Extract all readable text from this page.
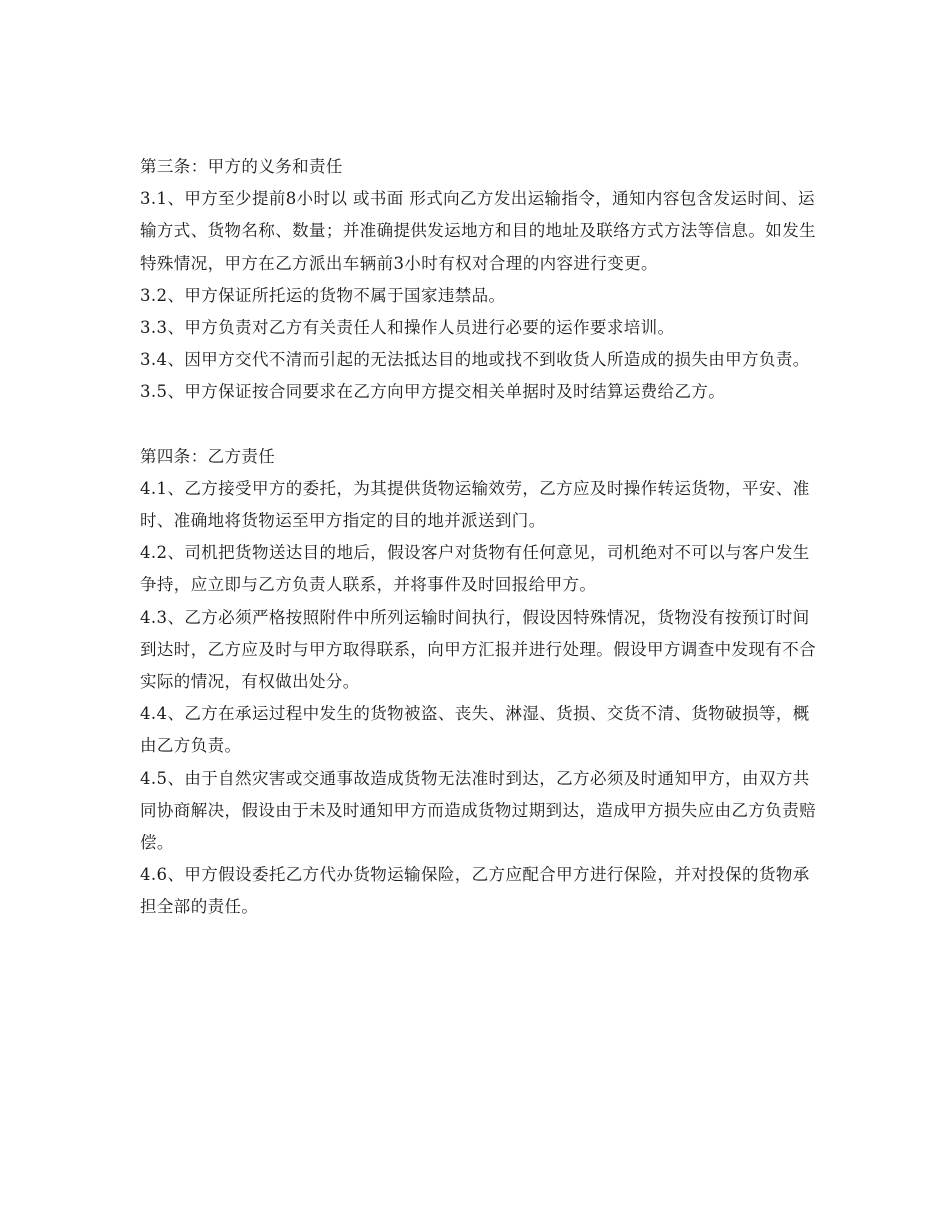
第三条：甲方的义务和责任

3.1、甲方至少提前8小时以 或书面 形式向乙方发出运输指令，通知内容包含发运时间、运输方式、货物名称、数量；并准确提供发运地方和目的地址及联络方式方法等信息。如发生特殊情况，甲方在乙方派出车辆前3小时有权对合理的内容进行变更。

3.2、甲方保证所托运的货物不属于国家违禁品。

3.3、甲方负责对乙方有关责任人和操作人员进行必要的运作要求培训。

3.4、因甲方交代不清而引起的无法抵达目的地或找不到收货人所造成的损失由甲方负责。

3.5、甲方保证按合同要求在乙方向甲方提交相关单据时及时结算运费给乙方。

第四条：乙方责任

4.1、乙方接受甲方的委托，为其提供货物运输效劳，乙方应及时操作转运货物，平安、准时、准确地将货物运至甲方指定的目的地并派送到门。

4.2、司机把货物送达目的地后，假设客户对货物有任何意见，司机绝对不可以与客户发生争持，应立即与乙方负责人联系，并将事件及时回报给甲方。

4.3、乙方必须严格按照附件中所列运输时间执行，假设因特殊情况，货物没有按预订时间到达时，乙方应及时与甲方取得联系，向甲方汇报并进行处理。假设甲方调查中发现有不合实际的情况，有权做出处分。

4.4、乙方在承运过程中发生的货物被盗、丧失、淋湿、货损、交货不清、货物破损等，概由乙方负责。

4.5、由于自然灾害或交通事故造成货物无法准时到达，乙方必须及时通知甲方，由双方共同协商解决，假设由于未及时通知甲方而造成货物过期到达，造成甲方损失应由乙方负责赔偿。

4.6、甲方假设委托乙方代办货物运输保险，乙方应配合甲方进行保险，并对投保的货物承担全部的责任。
